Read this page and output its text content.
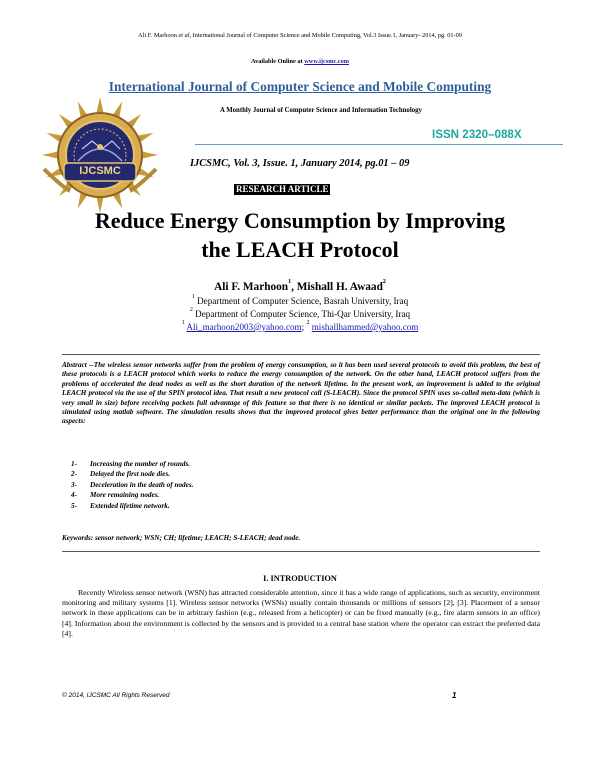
Ali F. Marhoon et al, International Journal of Computer Science and Mobile Computing, Vol.3 Issue.1, January- 2014, pg. 01-09
Available Online at www.ijcsmc.com
International Journal of Computer Science and Mobile Computing
A Monthly Journal of Computer Science and Information Technology
IJCSMC
ISSN 2320–088X
IJCSMC, Vol. 3, Issue. 1, January 2014, pg.01 – 09
RESEARCH ARTICLE
Reduce Energy Consumption by Improving
the LEACH Protocol
Ali F. Marhoon$^1$, Mishall H. Awaad$^2$
$^1$ Department of Computer Science, Basrah University, Iraq
$^2$ Department of Computer Science, Thi-Qar University, Iraq
$^1$ Ali_marhoon2003@yahoo.com; $^2$ mishallhammed@yahoo.com
Abstract --The wireless sensor networks suffer from the problem of energy consumption, so it has been used several protocols to avoid this problem, the best of these protocols is a LEACH protocol which works to reduce the energy consumption of the network. On the other hand, LEACH protocol suffers from the problems of accelerated the dead nodes as well as the short duration of the network lifetime. In the present work, an improvement is added to the original LEACH protocol via the use of the SPIN protocol idea. That result a new protocol call (S-LEACH). Since the protocol SPIN uses so-called meta-data (which is very small in size) before receiving packets full advantage of this feature so that there is no identical or similar packets. The improved LEACH protocol is simulated using matlab software. The simulation results shows that the improved protocol gives better performance than the original one in the following aspects:
1- Increasing the number of rounds.
2- Delayed the first node dies.
3- Deceleration in the death of nodes.
4- More remaining nodes.
5- Extended lifetime network.
Keywords: sensor network; WSN; CH; lifetime; LEACH; S-LEACH; dead node.
I. INTRODUCTION
Recently Wireless sensor network (WSN) has attracted considerable attention, since it has a wide range of applications, such as security, environment monitoring and military systems [1]. Wireless sensor networks (WSNs) usually contain thousands or millions of sensors [2], [3]. Placement of a sensor network in these applications can be in arbitrary fashion (e.g., released from a helicopter) or can be fixed manually (e.g., fire alarm sensors in an office) [4]. Information about the environment is collected by the sensors and is provided to a central base station where the operator can extract the preferred data [4].
© 2014, IJCSMC All Rights Reserved	1
